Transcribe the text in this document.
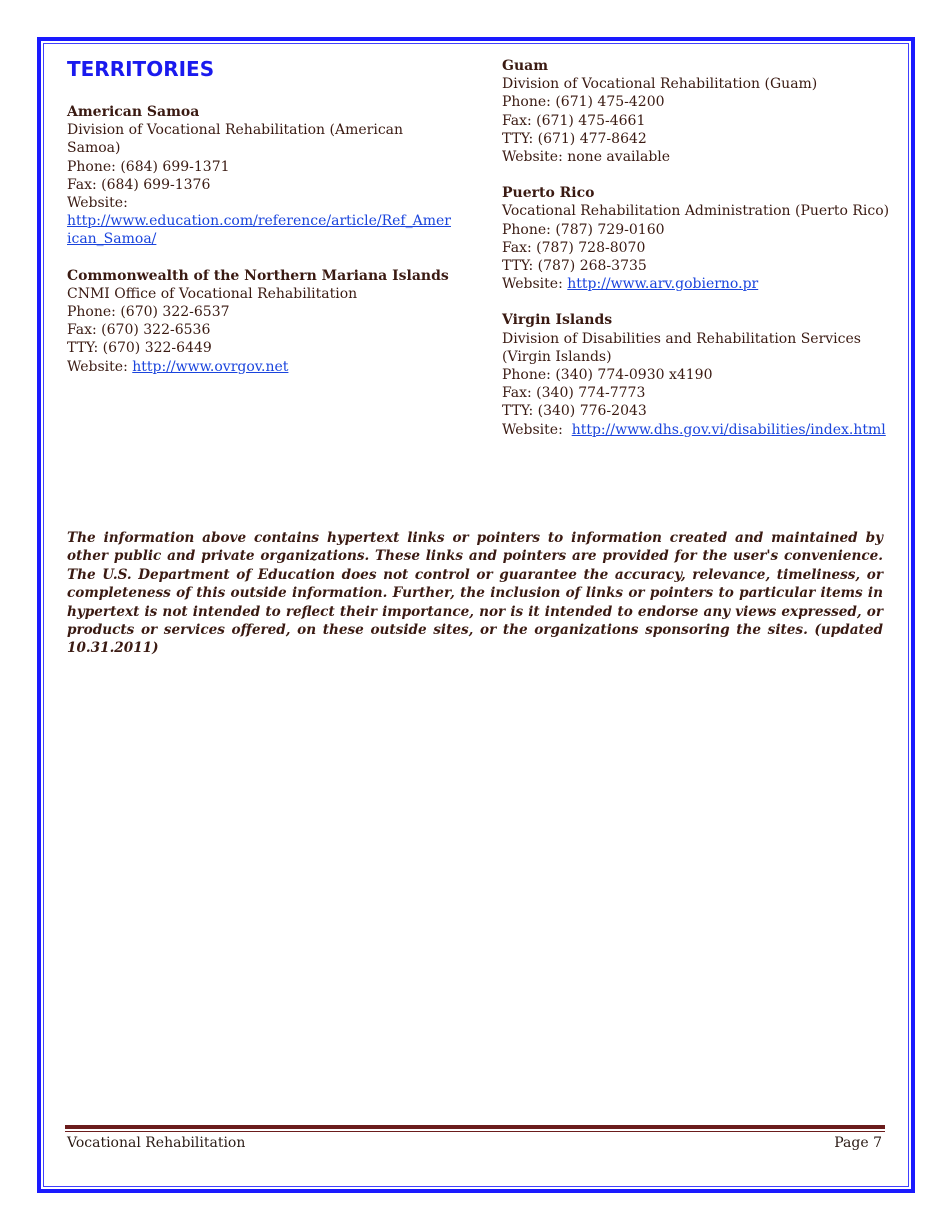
TERRITORIES
American Samoa
Division of Vocational Rehabilitation (American Samoa)
Phone: (684) 699-1371
Fax: (684) 699-1376
Website:
http://www.education.com/reference/article/Ref_American_Samoa/
Commonwealth of the Northern Mariana Islands
CNMI Office of Vocational Rehabilitation
Phone: (670) 322-6537
Fax: (670) 322-6536
TTY: (670) 322-6449
Website: http://www.ovrgov.net
Guam
Division of Vocational Rehabilitation (Guam)
Phone: (671) 475-4200
Fax: (671) 475-4661
TTY: (671) 477-8642
Website: none available
Puerto Rico
Vocational Rehabilitation Administration (Puerto Rico)
Phone: (787) 729-0160
Fax: (787) 728-8070
TTY: (787) 268-3735
Website: http://www.arv.gobierno.pr
Virgin Islands
Division of Disabilities and Rehabilitation Services (Virgin Islands)
Phone: (340) 774-0930 x4190
Fax: (340) 774-7773
TTY: (340) 776-2043
Website: http://www.dhs.gov.vi/disabilities/index.html
The information above contains hypertext links or pointers to information created and maintained by other public and private organizations. These links and pointers are provided for the user's convenience. The U.S. Department of Education does not control or guarantee the accuracy, relevance, timeliness, or completeness of this outside information. Further, the inclusion of links or pointers to particular items in hypertext is not intended to reflect their importance, nor is it intended to endorse any views expressed, or products or services offered, on these outside sites, or the organizations sponsoring the sites. (updated 10.31.2011)
Vocational Rehabilitation	Page 7
